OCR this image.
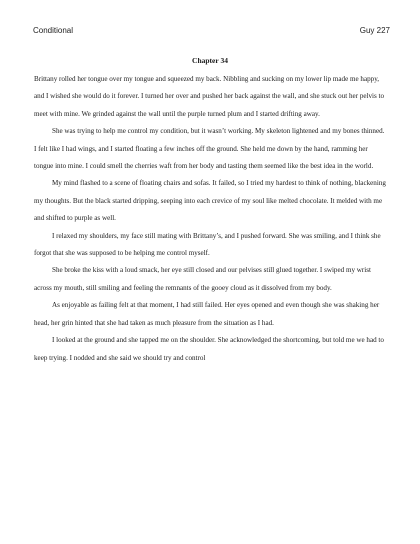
Conditional	Guy 227
Chapter 34

Brittany rolled her tongue over my tongue and squeezed my back. Nibbling and sucking on my lower lip made me happy, and I wished she would do it forever. I turned her over and pushed her back against the wall, and she stuck out her pelvis to meet with mine. We grinded against the wall until the purple turned plum and I started drifting away.

She was trying to help me control my condition, but it wasn’t working. My skeleton lightened and my bones thinned. I felt like I had wings, and I started floating a few inches off the ground. She held me down by the hand, ramming her tongue into mine. I could smell the cherries waft from her body and tasting them seemed like the best idea in the world.

My mind flashed to a scene of floating chairs and sofas. It failed, so I tried my hardest to think of nothing, blackening my thoughts. But the black started dripping, seeping into each crevice of my soul like melted chocolate. It melded with me and shifted to purple as well.

I relaxed my shoulders, my face still mating with Brittany’s, and I pushed forward. She was smiling, and I think she forgot that she was supposed to be helping me control myself.

She broke the kiss with a loud smack, her eye still closed and our pelvises still glued together. I swiped my wrist across my mouth, still smiling and feeling the remnants of the gooey cloud as it dissolved from my body.

As enjoyable as failing felt at that moment, I had still failed. Her eyes opened and even though she was shaking her head, her grin hinted that she had taken as much pleasure from the situation as I had.

I looked at the ground and she tapped me on the shoulder. She acknowledged the shortcoming, but told me we had to keep trying. I nodded and she said we should try and control
